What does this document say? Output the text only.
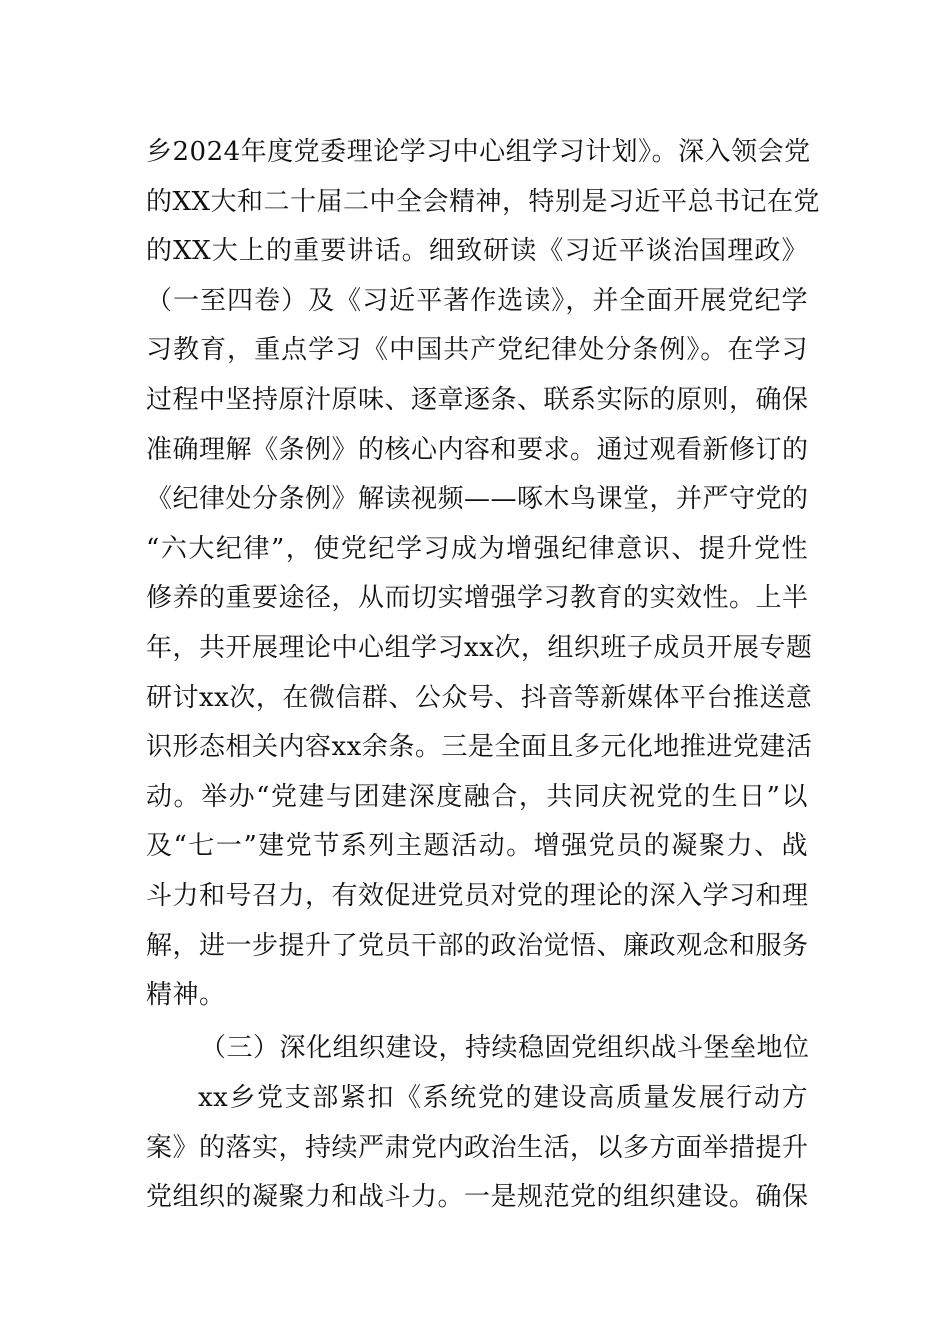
乡2024年度党委理论学习中心组学习计划》。深入领会党
的XX大和二十届二中全会精神，特别是习近平总书记在党
的XX大上的重要讲话。细致研读《习近平谈治国理政》
（一至四卷）及《习近平著作选读》，并全面开展党纪学
习教育，重点学习《中国共产党纪律处分条例》。在学习
过程中坚持原汁原味、逐章逐条、联系实际的原则，确保
准确理解《条例》的核心内容和要求。通过观看新修订的
《纪律处分条例》解读视频——啄木鸟课堂，并严守党的
“六大纪律”，使党纪学习成为增强纪律意识、提升党性
修养的重要途径，从而切实增强学习教育的实效性。上半
年，共开展理论中心组学习xx次，组织班子成员开展专题
研讨xx次，在微信群、公众号、抖音等新媒体平台推送意
识形态相关内容xx余条。三是全面且多元化地推进党建活
动。举办“党建与团建深度融合，共同庆祝党的生日”以
及“七一”建党节系列主题活动。增强党员的凝聚力、战
斗力和号召力，有效促进党员对党的理论的深入学习和理
解，进一步提升了党员干部的政治觉悟、廉政观念和服务
精神。
（三）深化组织建设，持续稳固党组织战斗堡垒地位
xx乡党支部紧扣《系统党的建设高质量发展行动方
案》的落实，持续严肃党内政治生活，以多方面举措提升
党组织的凝聚力和战斗力。一是规范党的组织建设。确保
